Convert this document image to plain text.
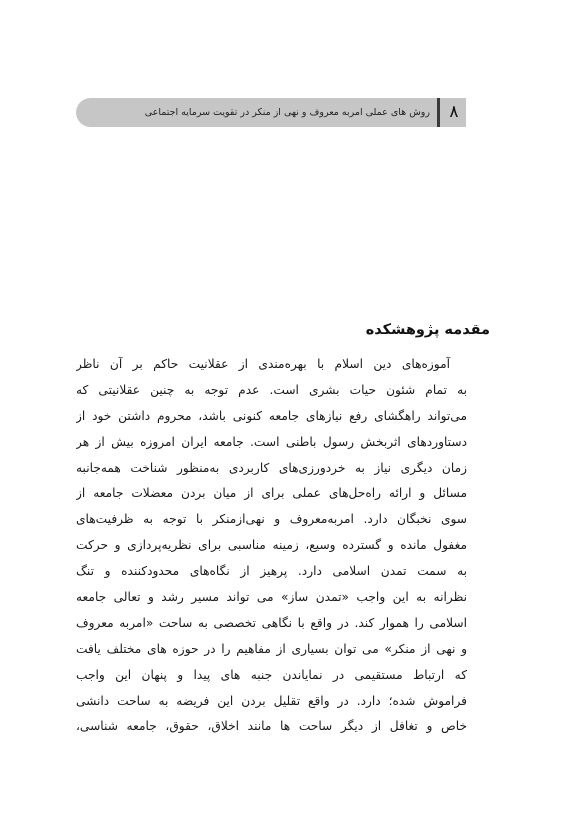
۸
روش های عملی امربه معروف و نهی از منکر در تقویت سرمایه اجتماعی
مقدمه پژوهشکده
آموزه‌های دین اسلام با بهره‌مندی از عقلانیت حاکم بر آن ناظر
به تمام شئون حیات بشری است. عدم توجه به چنین عقلانیتی که
می‌تواند راهگشای رفع نیازهای جامعه کنونی باشد، محروم داشتن خود از
دستاوردهای اثربخش رسول باطنی است. جامعه ایران امروزه بیش از هر
زمان دیگری نیاز به خردورزی‌های کاربردی به‌منظور شناخت همه‌جانبه
مسائل و ارائه راه‌حل‌های عملی برای از میان بردن معضلات جامعه از
سوی نخبگان دارد. امربه‌معروف و نهی‌ازمنکر با توجه به ظرفیت‌های
مغفول مانده و گسترده وسیع، زمینه مناسبی برای نظریه‌پردازی و حرکت
به سمت تمدن اسلامی دارد. پرهیز از نگاه‌های محدودکننده و تنگ
نظرانه به این واجب «تمدن ساز» می تواند مسیر رشد و تعالی جامعه
اسلامی را هموار کند. در واقع با نگاهی تخصصی به ساحت «امربه معروف
و نهی از منکر» می توان بسیاری از مفاهیم را در حوزه های مختلف یافت
که ارتباط مستقیمی در نمایاندن جنبه های پیدا و پنهان این واجب
فراموش شده؛ دارد. در واقع تقلیل بردن این فریضه به ساحت دانشی
خاص و تغافل از دیگر ساحت ها مانند اخلاق، حقوق، جامعه شناسی،
